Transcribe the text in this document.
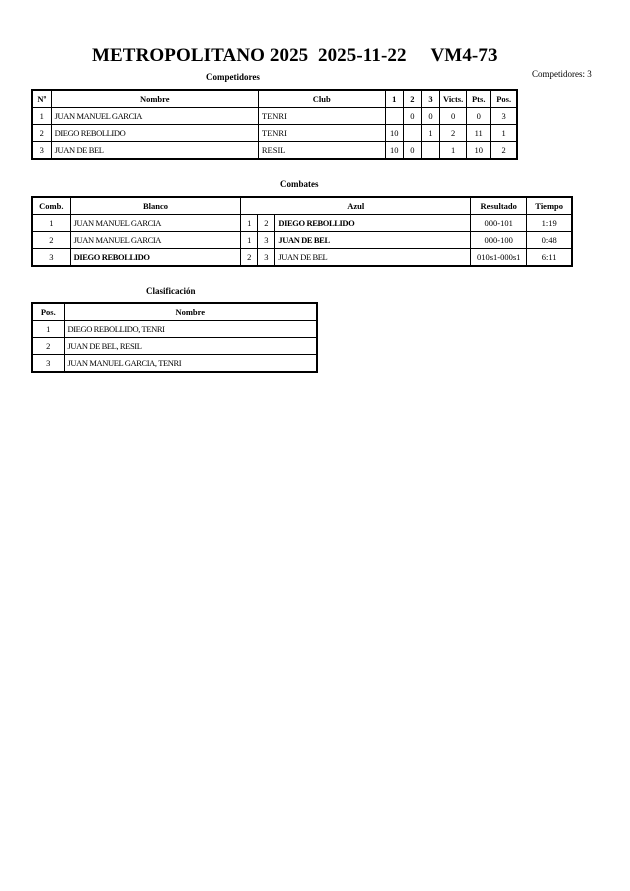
METROPOLITANO 2025  2025-11-22     VM4-73
Competidores: 3
Competidores
Nº	Nombre	Club	1	2	3	Victs.	Pts.	Pos.
1	JUAN MANUEL GARCIA	TENRI		0	0	0	0	3
2	DIEGO REBOLLIDO	TENRI	10		1	2	11	1
3	JUAN DE BEL	RESIL	10	0		1	10	2
Combates
Comb.	Blanco	Azul			Resultado	Tiempo
1	JUAN MANUEL GARCIA	1	2	DIEGO REBOLLIDO	000-101	1:19
2	JUAN MANUEL GARCIA	1	3	JUAN DE BEL	000-100	0:48
3	DIEGO REBOLLIDO	2	3	JUAN DE BEL	010s1-000s1	6:11
Clasificación
Pos.	Nombre
1	DIEGO REBOLLIDO, TENRI
2	JUAN DE BEL, RESIL
3	JUAN MANUEL GARCIA, TENRI
